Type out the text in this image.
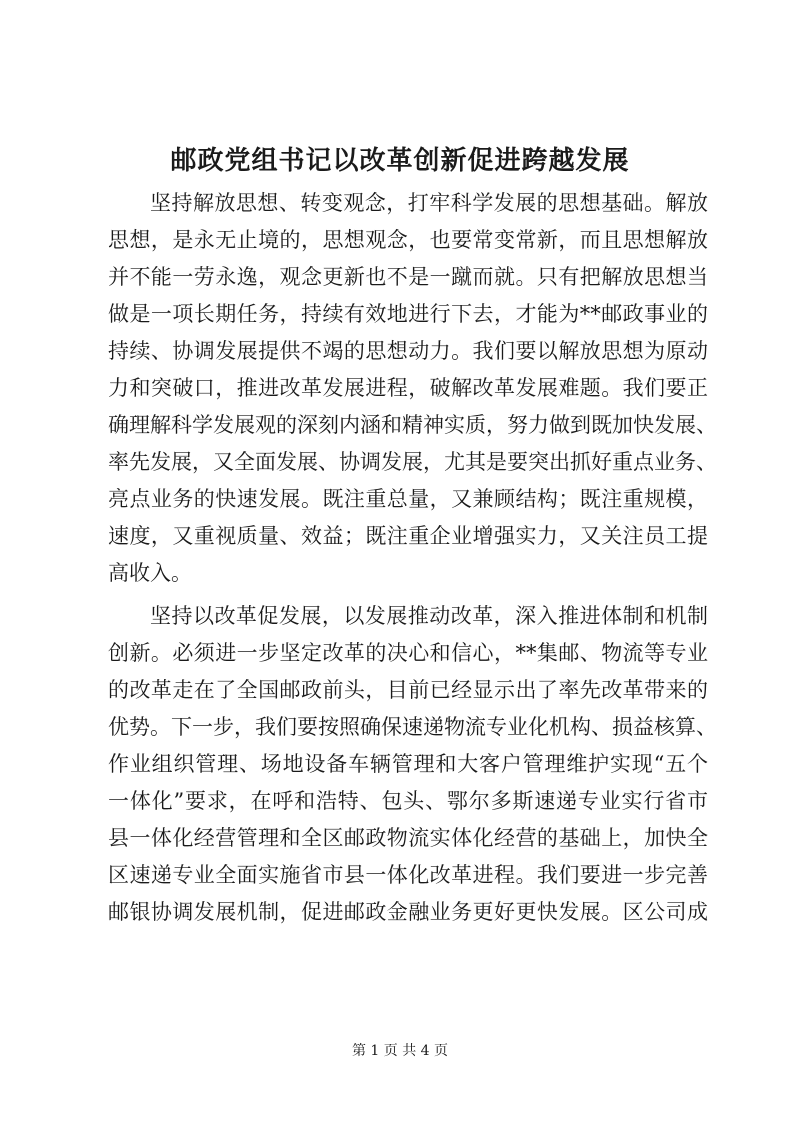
邮政党组书记以改革创新促进跨越发展

坚持解放思想、转变观念，打牢科学发展的思想基础。解放
思想，是永无止境的，思想观念，也要常变常新，而且思想解放
并不能一劳永逸，观念更新也不是一蹴而就。只有把解放思想当
做是一项长期任务，持续有效地进行下去，才能为**邮政事业的
持续、协调发展提供不竭的思想动力。我们要以解放思想为原动
力和突破口，推进改革发展进程，破解改革发展难题。我们要正
确理解科学发展观的深刻内涵和精神实质，努力做到既加快发展、
率先发展，又全面发展、协调发展，尤其是要突出抓好重点业务、
亮点业务的快速发展。既注重总量，又兼顾结构；既注重规模，
速度，又重视质量、效益；既注重企业增强实力，又关注员工提
高收入。

坚持以改革促发展，以发展推动改革，深入推进体制和机制
创新。必须进一步坚定改革的决心和信心，**集邮、物流等专业
的改革走在了全国邮政前头，目前已经显示出了率先改革带来的
优势。下一步，我们要按照确保速递物流专业化机构、损益核算、
作业组织管理、场地设备车辆管理和大客户管理维护实现“五个
一体化”要求，在呼和浩特、包头、鄂尔多斯速递专业实行省市
县一体化经营管理和全区邮政物流实体化经营的基础上，加快全
区速递专业全面实施省市县一体化改革进程。我们要进一步完善
邮银协调发展机制，促进邮政金融业务更好更快发展。区公司成

第 1 页 共 4 页
